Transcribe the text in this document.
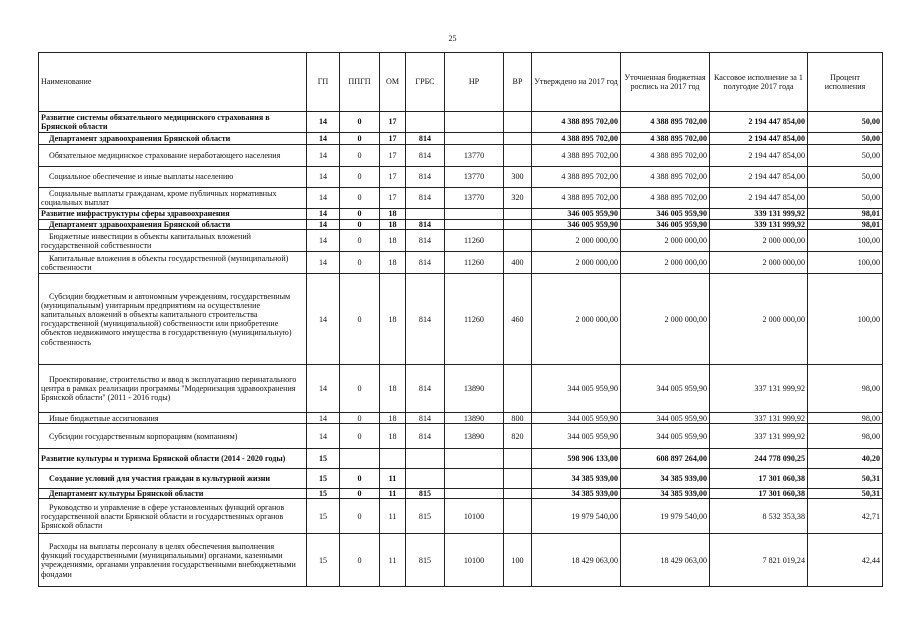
25
Наименование	ГП	ППГП	ОМ	ГРБС	НР	ВР	Утверждено на 2017 год	Уточненная бюджетная роспись на 2017 год	Кассовое исполнение за 1 полугодие 2017 года	Процент исполнения
Развитие системы обязательного медицинского страхования в Брянской области	14	0	17				4 388 895 702,00	4 388 895 702,00	2 194 447 854,00	50,00
Департамент здравоохранения Брянской области	14	0	17	814			4 388 895 702,00	4 388 895 702,00	2 194 447 854,00	50,00
Обязательное медицинское страхование неработающего населения	14	0	17	814	13770		4 388 895 702,00	4 388 895 702,00	2 194 447 854,00	50,00
Социальное обеспечение и иные выплаты населению	14	0	17	814	13770	300	4 388 895 702,00	4 388 895 702,00	2 194 447 854,00	50,00
Социальные выплаты гражданам, кроме публичных нормативных социальных выплат	14	0	17	814	13770	320	4 388 895 702,00	4 388 895 702,00	2 194 447 854,00	50,00
Развитие инфраструктуры сферы здравоохранения	14	0	18				346 005 959,90	346 005 959,90	339 131 999,92	98,01
Департамент здравоохранения Брянской области	14	0	18	814			346 005 959,90	346 005 959,90	339 131 999,92	98,01
Бюджетные инвестиции в объекты капитальных вложений государственной собственности	14	0	18	814	11260		2 000 000,00	2 000 000,00	2 000 000,00	100,00
Капитальные вложения в объекты государственной (муниципальной) собственности	14	0	18	814	11260	400	2 000 000,00	2 000 000,00	2 000 000,00	100,00
Субсидии бюджетным и автономным учреждениям, государственным (муниципальным) унитарным предприятиям на осуществление капитальных вложений в объекты капитального строительства государственной (муниципальной) собственности или приобретение объектов недвижимого имущества в государственную (муниципальную) собственность	14	0	18	814	11260	460	2 000 000,00	2 000 000,00	2 000 000,00	100,00
Проектирование, строительство и ввод в эксплуатацию перинатального центра в рамках реализации программы "Модернизация здравоохранения Брянской области" (2011 - 2016 годы)	14	0	18	814	13890		344 005 959,90	344 005 959,90	337 131 999,92	98,00
Иные бюджетные ассигнования	14	0	18	814	13890	800	344 005 959,90	344 005 959,90	337 131 999,92	98,00
Субсидии государственным корпорациям (компаниям)	14	0	18	814	13890	820	344 005 959,90	344 005 959,90	337 131 999,92	98,00
Развитие культуры и туризма Брянской области (2014 - 2020 годы)	15						598 906 133,00	608 897 264,00	244 778 090,25	40,20
Создание условий для участия граждан в культурной жизни	15	0	11				34 385 939,00	34 385 939,00	17 301 060,38	50,31
Департамент культуры Брянской области	15	0	11	815			34 385 939,00	34 385 939,00	17 301 060,38	50,31
Руководство и управление в сфере установленных функций органов государственной власти Брянской области и государственных органов Брянской области	15	0	11	815	10100		19 979 540,00	19 979 540,00	8 532 353,38	42,71
Расходы на выплаты персоналу в целях обеспечения выполнения функций государственными (муниципальными) органами, казенными учреждениями, органами управления государственными внебюджетными фондами	15	0	11	815	10100	100	18 429 063,00	18 429 063,00	7 821 019,24	42,44
